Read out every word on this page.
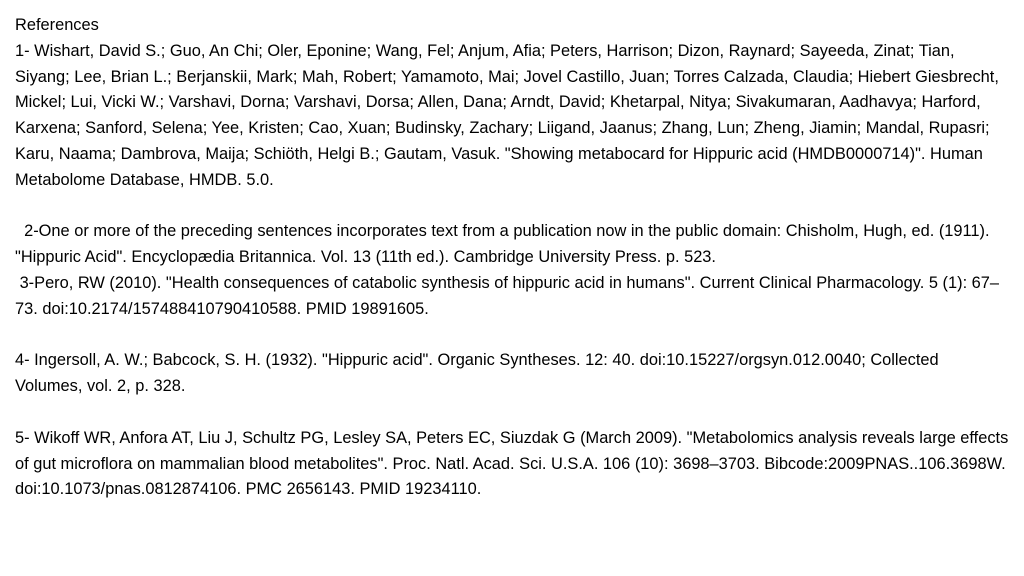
References

1- Wishart, David S.; Guo, An Chi; Oler, Eponine; Wang, Fel; Anjum, Afia; Peters, Harrison; Dizon, Raynard; Sayeeda, Zinat; Tian, Siyang; Lee, Brian L.; Berjanskii, Mark; Mah, Robert; Yamamoto, Mai; Jovel Castillo, Juan; Torres Calzada, Claudia; Hiebert Giesbrecht, Mickel; Lui, Vicki W.; Varshavi, Dorna; Varshavi, Dorsa; Allen, Dana; Arndt, David; Khetarpal, Nitya; Sivakumaran, Aadhavya; Harford, Karxena; Sanford, Selena; Yee, Kristen; Cao, Xuan; Budinsky, Zachary; Liigand, Jaanus; Zhang, Lun; Zheng, Jiamin; Mandal, Rupasri; Karu, Naama; Dambrova, Maija; Schiöth, Helgi B.; Gautam, Vasuk. "Showing metabocard for Hippuric acid (HMDB0000714)". Human Metabolome Database, HMDB. 5.0.

2-One or more of the preceding sentences incorporates text from a publication now in the public domain: Chisholm, Hugh, ed. (1911). "Hippuric Acid". Encyclopædia Britannica. Vol. 13 (11th ed.). Cambridge University Press. p. 523.

3-Pero, RW (2010). "Health consequences of catabolic synthesis of hippuric acid in humans". Current Clinical Pharmacology. 5 (1): 67–73. doi:10.2174/157488410790410588. PMID 19891605.

4- Ingersoll, A. W.; Babcock, S. H. (1932). "Hippuric acid". Organic Syntheses. 12: 40. doi:10.15227/orgsyn.012.0040; Collected Volumes, vol. 2, p. 328.

5- Wikoff WR, Anfora AT, Liu J, Schultz PG, Lesley SA, Peters EC, Siuzdak G (March 2009). "Metabolomics analysis reveals large effects of gut microflora on mammalian blood metabolites". Proc. Natl. Acad. Sci. U.S.A. 106 (10): 3698–3703. Bibcode:2009PNAS..106.3698W. doi:10.1073/pnas.0812874106. PMC 2656143. PMID 19234110.
